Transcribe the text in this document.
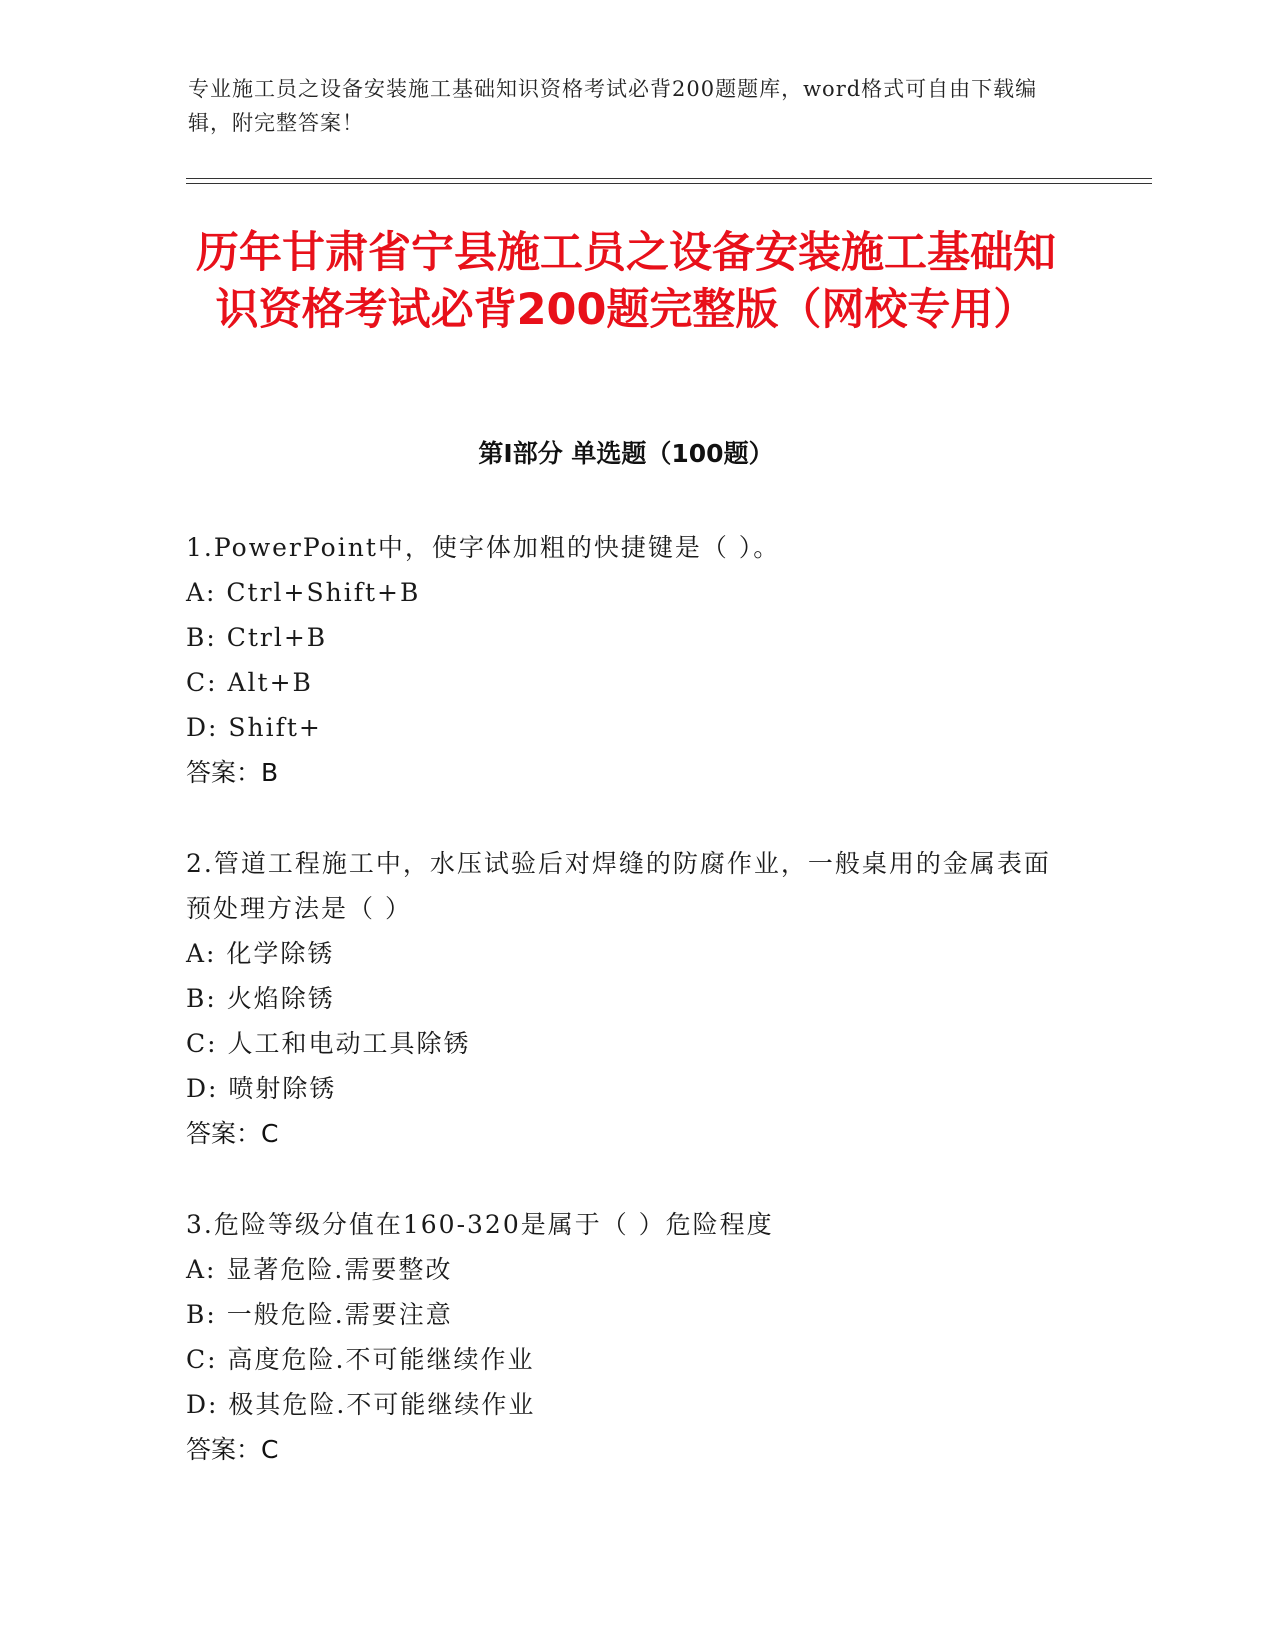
专业施工员之设备安装施工基础知识资格考试必背200题题库，word格式可自由下载编辑，附完整答案！
历年甘肃省宁县施工员之设备安装施工基础知识资格考试必背200题完整版（网校专用）
第Ⅰ部分 单选题（100题）

1.PowerPoint中，使字体加粗的快捷键是（ ）。

A: Ctrl+Shift+B

B: Ctrl+B

C: Alt+B

D: Shift+

答案：B

2.管道工程施工中，水压试验后对焊缝的防腐作业，一般桌用的金属表面预处理方法是（ ）

A: 化学除锈

B: 火焰除锈

C: 人工和电动工具除锈

D: 喷射除锈

答案：C

3.危险等级分值在160-320是属于（ ）危险程度

A: 显著危险.需要整改

B: 一般危险.需要注意

C: 高度危险.不可能继续作业

D: 极其危险.不可能继续作业

答案：C
